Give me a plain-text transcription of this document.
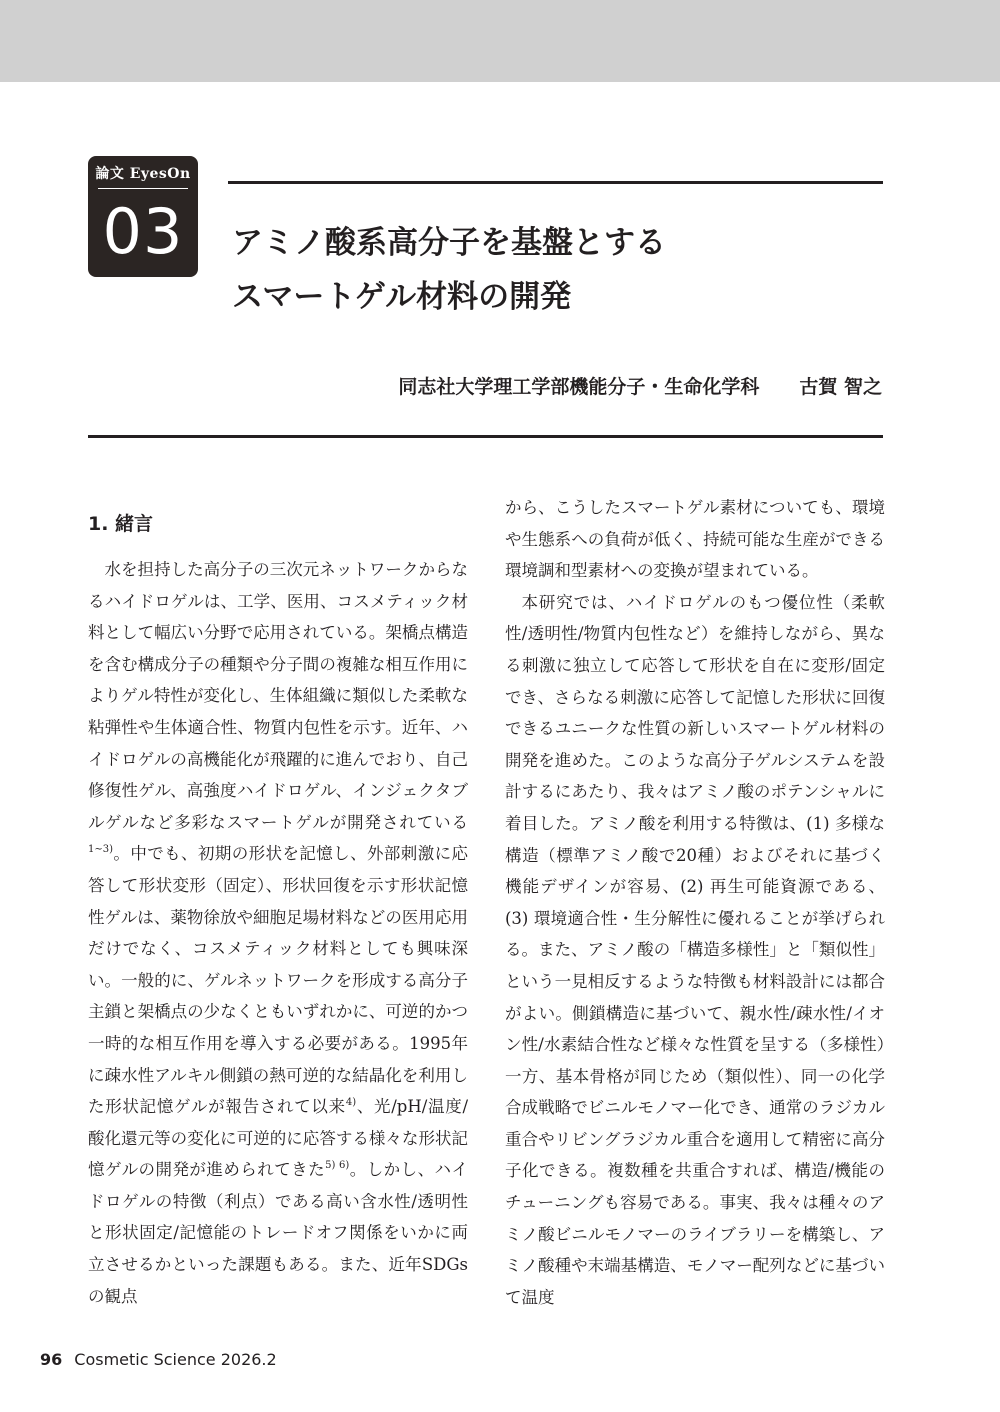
論文 EyesOn
03	アミノ酸系高分子を基盤とする
スマートゲル材料の開発
同志社大学理工学部機能分子・生命化学科 古賀 智之
1. 緒言

水を担持した高分子の三次元ネットワークからなるハイドロゲルは、工学、医用、コスメティック材料として幅広い分野で応用されている。架橋点構造を含む構成分子の種類や分子間の複雑な相互作用によりゲル特性が変化し、生体組織に類似した柔軟な粘弾性や生体適合性、物質内包性を示す。近年、ハイドロゲルの高機能化が飛躍的に進んでおり、自己修復性ゲル、高強度ハイドロゲル、インジェクタブルゲルなど多彩なスマートゲルが開発されている$^{1\sim 3)}$。中でも、初期の形状を記憶し、外部刺激に応答して形状変形（固定）、形状回復を示す形状記憶性ゲルは、薬物徐放や細胞足場材料などの医用応用だけでなく、コスメティック材料としても興味深い。一般的に、ゲルネットワークを形成する高分子主鎖と架橋点の少なくともいずれかに、可逆的かつ一時的な相互作用を導入する必要がある。1995年に疎水性アルキル側鎖の熱可逆的な結晶化を利用した形状記憶ゲルが報告されて以来$^{4)}$、光/pH/温度/酸化還元等の変化に可逆的に応答する様々な形状記憶ゲルの開発が進められてきた$^{5) 6)}$。しかし、ハイドロゲルの特徴（利点）である高い含水性/透明性と形状固定/記憶能のトレードオフ関係をいかに両立させるかといった課題もある。また、近年SDGsの観点

から、こうしたスマートゲル素材についても、環境や生態系への負荷が低く、持続可能な生産ができる環境調和型素材への変換が望まれている。

本研究では、ハイドロゲルのもつ優位性（柔軟性/透明性/物質内包性など）を維持しながら、異なる刺激に独立して応答して形状を自在に変形/固定でき、さらなる刺激に応答して記憶した形状に回復できるユニークな性質の新しいスマートゲル材料の開発を進めた。このような高分子ゲルシステムを設計するにあたり、我々はアミノ酸のポテンシャルに着目した。アミノ酸を利用する特徴は、(1) 多様な構造（標準アミノ酸で20種）およびそれに基づく機能デザインが容易、(2) 再生可能資源である、(3) 環境適合性・生分解性に優れることが挙げられる。また、アミノ酸の「構造多様性」と「類似性」という一見相反するような特徴も材料設計には都合がよい。側鎖構造に基づいて、親水性/疎水性/イオン性/水素結合性など様々な性質を呈する（多様性）一方、基本骨格が同じため（類似性）、同一の化学合成戦略でビニルモノマー化でき、通常のラジカル重合やリビングラジカル重合を適用して精密に高分子化できる。複数種を共重合すれば、構造/機能のチューニングも容易である。事実、我々は種々のアミノ酸ビニルモノマーのライブラリーを構築し、アミノ酸種や末端基構造、モノマー配列などに基づいて温度

96 Cosmetic Science 2026.2
